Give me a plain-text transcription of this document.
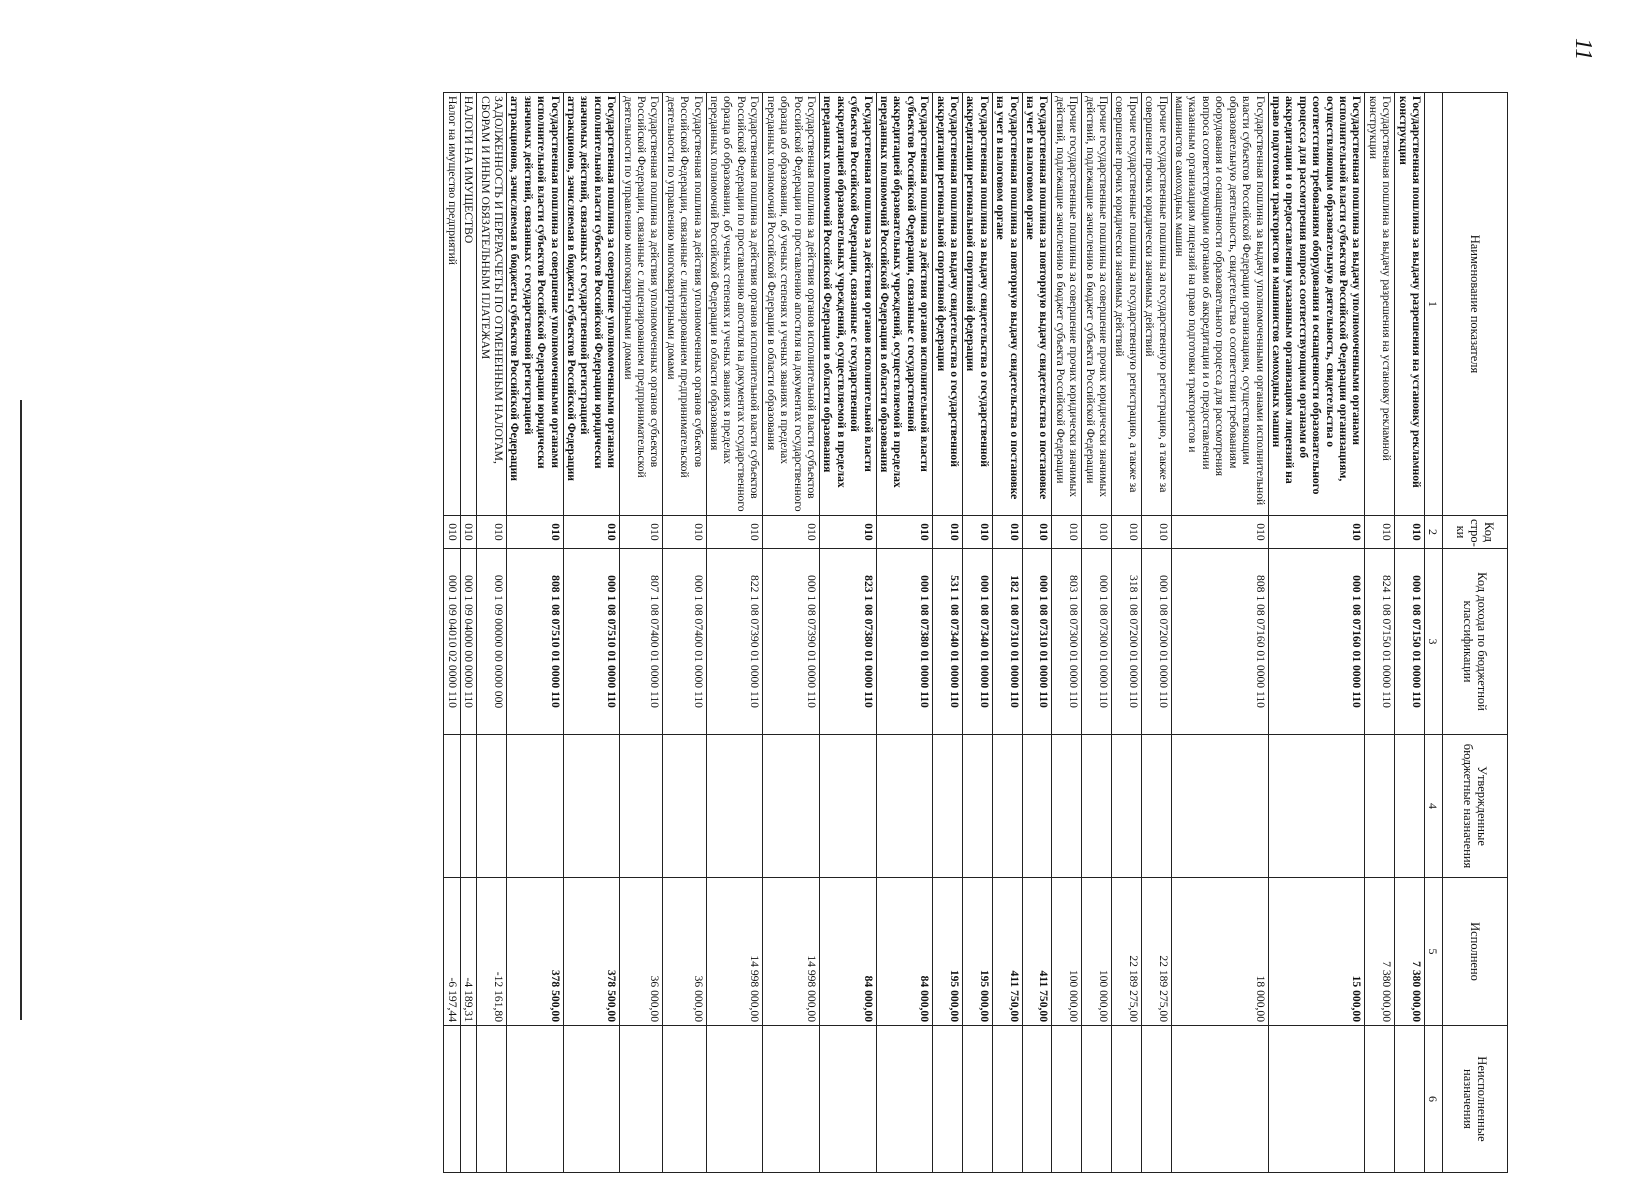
11
Наименование показателя	Код стро-ки	Код дохода по бюджетной классификации	Утвержденные бюджетные назначения	Исполнено	Неисполненные назначения
1	2	3	4	5	6
Государственная пошлина за выдачу разрешения на установку рекламной конструкции	010	000 1 08 07150 01 0000 110		7 380 000,00	
Государственная пошлина за выдачу разрешения на установку рекламной конструкции	010	824 1 08 07150 01 0000 110		7 380 000,00	
Государственная пошлина за выдачу уполномоченными органами исполнительной власти субъектов Российской Федерации организациям, осуществляющим образовательную деятельность, свидетельства о соответствии требованиям оборудования и оснащенности образовательного процесса для рассмотрения вопроса соответствующими органами об аккредитации и о предоставлении указанным организациям лицензий на право подготовки трактористов и машинистов самоходных машин	010	000 1 08 07160 01 0000 110		15 000,00	
Государственная пошлина за выдачу уполномоченными органами исполнительной власти субъектов Российской Федерации организациям, осуществляющим образовательную деятельность, свидетельства о соответствии требованиям оборудования и оснащенности образовательного процесса для рассмотрения вопроса соответствующими органами об аккредитации и о предоставлении указанным организациям лицензий на право подготовки трактористов и машинистов самоходных машин	010	808 1 08 07160 01 0000 110		18 000,00	
Прочие государственные пошлины за государственную регистрацию, а также за совершение прочих юридически значимых действий	010	000 1 08 07200 01 0000 110		22 189 275,00	
Прочие государственные пошлины за государственную регистрацию, а также за совершение прочих юридически значимых действий	010	318 1 08 07200 01 0000 110		22 189 275,00	
Прочие государственные пошлины за совершение прочих юридически значимых действий, подлежащие зачислению в бюджет субъекта Российской Федерации	010	000 1 08 07300 01 0000 110		100 000,00	
Прочие государственные пошлины за совершение прочих юридически значимых действий, подлежащие зачислению в бюджет субъекта Российской Федерации	010	803 1 08 07300 01 0000 110		100 000,00	
Государственная пошлина за повторную выдачу свидетельства о постановке на учет в налоговом органе	010	000 1 08 07310 01 0000 110		411 750,00	
Государственная пошлина за повторную выдачу свидетельства о постановке на учет в налоговом органе	010	182 1 08 07310 01 0000 110		411 750,00	
Государственная пошлина за выдачу свидетельства о государственной аккредитации региональной спортивной федерации	010	000 1 08 07340 01 0000 110		195 000,00	
Государственная пошлина за выдачу свидетельства о государственной аккредитации региональной спортивной федерации	010	531 1 08 07340 01 0000 110		195 000,00	
Государственная пошлина за действия органов исполнительной власти субъектов Российской Федерации, связанные с государственной аккредитацией образовательных учреждений, осуществляемой в пределах переданных полномочий Российской Федерации в области образования	010	000 1 08 07380 01 0000 110		84 000,00	
Государственная пошлина за действия органов исполнительной власти субъектов Российской Федерации, связанные с государственной аккредитацией образовательных учреждений, осуществляемой в пределах переданных полномочий Российской Федерации в области образования	010	823 1 08 07380 01 0000 110		84 000,00	
Государственная пошлина за действия органов исполнительной власти субъектов Российской Федерации по проставлению апостиля на документах государственного образца об образовании, об ученых степенях и ученых званиях в пределах переданных полномочий Российской Федерации в области образования	010	000 1 08 07390 01 0000 110		14 998 000,00	
Государственная пошлина за действия органов исполнительной власти субъектов Российской Федерации по проставлению апостиля на документах государственного образца об образовании, об ученых степенях и ученых званиях в пределах переданных полномочий Российской Федерации в области образования	010	822 1 08 07390 01 0000 110		14 998 000,00	
Государственная пошлина за действия уполномоченных органов субъектов Российской Федерации, связанные с лицензированием предпринимательской деятельности по управлению многоквартирными домами	010	000 1 08 07400 01 0000 110		36 000,00	
Государственная пошлина за действия уполномоченных органов субъектов Российской Федерации, связанные с лицензированием предпринимательской деятельности по управлению многоквартирными домами	010	807 1 08 07400 01 0000 110		36 000,00	
Государственная пошлина за совершение уполномоченными органами исполнительной власти субъектов Российской Федерации юридически значимых действий, связанных с государственной регистрацией аттракционов, зачисляемая в бюджеты субъектов Российской Федерации	010	000 1 08 07510 01 0000 110		378 500,00	
Государственная пошлина за совершение уполномоченными органами исполнительной власти субъектов Российской Федерации юридически значимых действий, связанных с государственной регистрацией аттракционов, зачисляемая в бюджеты субъектов Российской Федерации	010	808 1 08 07510 01 0000 110		378 500,00	
ЗАДОЛЖЕННОСТЬ И ПЕРЕРАСЧЕТЫ ПО ОТМЕНЕННЫМ НАЛОГАМ, СБОРАМ И ИНЫМ ОБЯЗАТЕЛЬНЫМ ПЛАТЕЖАМ	010	000 1 09 00000 00 0000 000		-12 161,80	
НАЛОГИ НА ИМУЩЕСТВО	010	000 1 09 04000 00 0000 110		-4 189,31	
Налог на имущество предприятий	010	000 1 09 04010 02 0000 110		-6 197,44	
